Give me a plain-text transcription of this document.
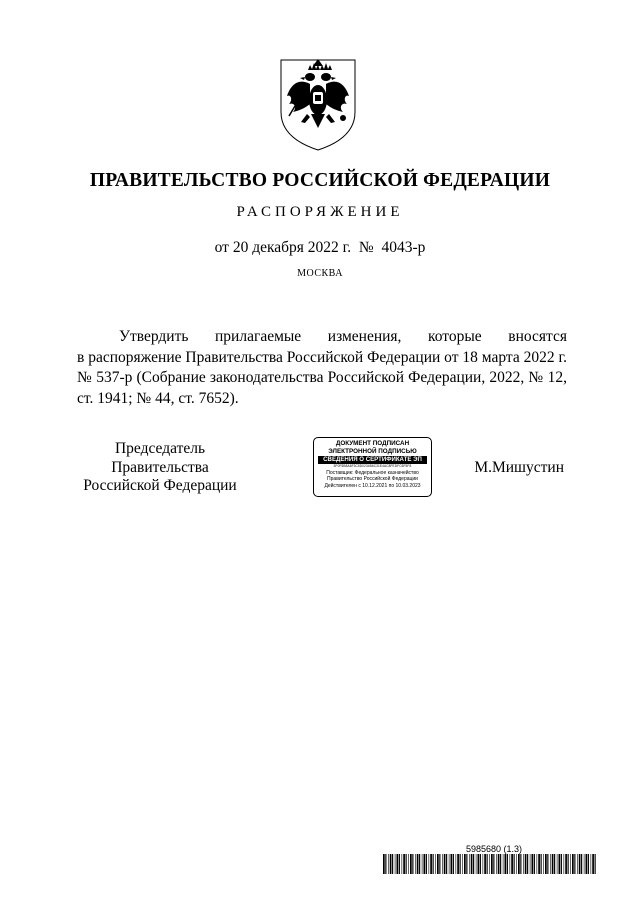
ПРАВИТЕЛЬСТВО РОССИЙСКОЙ ФЕДЕРАЦИИ
РАСПОРЯЖЕНИЕ
от 20 декабря 2022 г.  №  4043-р
МОСКВА
Утвердить прилагаемые изменения, которые вносятся
в распоряжение Правительства Российской Федерации от 18 марта 2022 г.
№ 537-р (Собрание законодательства Российской Федерации, 2022, № 12,
ст. 1941; № 44, ст. 7652).
Председатель Правительства
Российской Федерации
ДОКУМЕНТ ПОДПИСАН
ЭЛЕКТРОННОЙ ПОДПИСЬЮ
СВЕДЕНИЯ О СЕРТИФИКАТЕ ЭП
5F0F5B8A6F3C5D0234B6C31E4AC8FEDFC5F5F8
Поставщик: Федеральное казначейство
Правительство Российской Федерации
Действителен с 10.12.2021 по 10.03.2023
М.Мишустин
5985680 (1.3)
